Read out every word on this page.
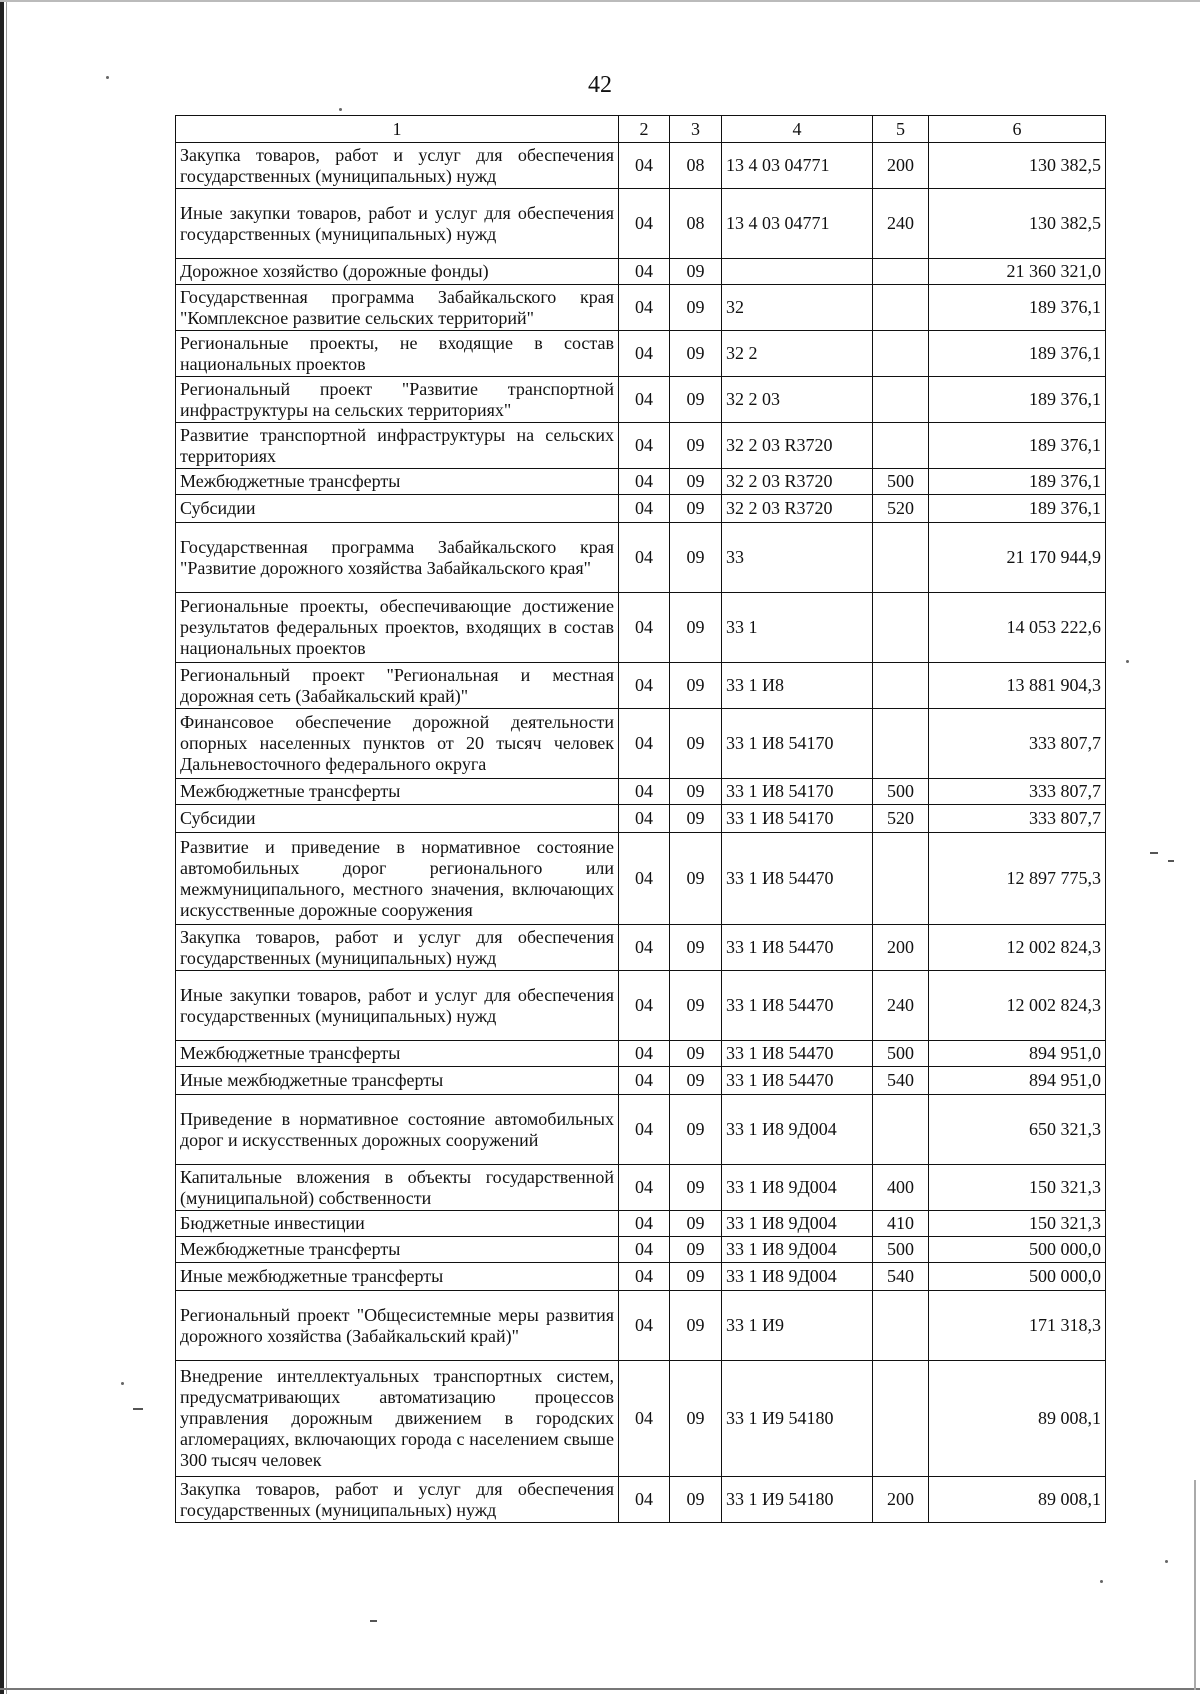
42
1	2	3	4	5	6
Закупка товаров, работ и услуг для обеспечения государственных (муниципальных) нужд	04	08	13 4 03 04771	200	130 382,5
Иные закупки товаров, работ и услуг для обеспечения государственных (муниципальных) нужд	04	08	13 4 03 04771	240	130 382,5
Дорожное хозяйство (дорожные фонды)	04	09			21 360 321,0
Государственная программа Забайкальского края "Комплексное развитие сельских территорий"	04	09	32		189 376,1
Региональные проекты, не входящие в состав национальных проектов	04	09	32 2		189 376,1
Региональный проект "Развитие транспортной инфраструктуры на сельских территориях"	04	09	32 2 03		189 376,1
Развитие транспортной инфраструктуры на сельских территориях	04	09	32 2 03 R3720		189 376,1
Межбюджетные трансферты	04	09	32 2 03 R3720	500	189 376,1
Субсидии	04	09	32 2 03 R3720	520	189 376,1
Государственная программа Забайкальского края "Развитие дорожного хозяйства Забайкальского края"	04	09	33		21 170 944,9
Региональные проекты, обеспечивающие достижение результатов федеральных проектов, входящих в состав национальных проектов	04	09	33 1		14 053 222,6
Региональный проект "Региональная и местная дорожная сеть (Забайкальский край)"	04	09	33 1 И8		13 881 904,3
Финансовое обеспечение дорожной деятельности опорных населенных пунктов от 20 тысяч человек Дальневосточного федерального округа	04	09	33 1 И8 54170		333 807,7
Межбюджетные трансферты	04	09	33 1 И8 54170	500	333 807,7
Субсидии	04	09	33 1 И8 54170	520	333 807,7
Развитие и приведение в нормативное состояние автомобильных дорог регионального или межмуниципального, местного значения, включающих искусственные дорожные сооружения	04	09	33 1 И8 54470		12 897 775,3
Закупка товаров, работ и услуг для обеспечения государственных (муниципальных) нужд	04	09	33 1 И8 54470	200	12 002 824,3
Иные закупки товаров, работ и услуг для обеспечения государственных (муниципальных) нужд	04	09	33 1 И8 54470	240	12 002 824,3
Межбюджетные трансферты	04	09	33 1 И8 54470	500	894 951,0
Иные межбюджетные трансферты	04	09	33 1 И8 54470	540	894 951,0
Приведение в нормативное состояние автомобильных дорог и искусственных дорожных сооружений	04	09	33 1 И8 9Д004		650 321,3
Капитальные вложения в объекты государственной (муниципальной) собственности	04	09	33 1 И8 9Д004	400	150 321,3
Бюджетные инвестиции	04	09	33 1 И8 9Д004	410	150 321,3
Межбюджетные трансферты	04	09	33 1 И8 9Д004	500	500 000,0
Иные межбюджетные трансферты	04	09	33 1 И8 9Д004	540	500 000,0
Региональный проект "Общесистемные меры развития дорожного хозяйства (Забайкальский край)"	04	09	33 1 И9		171 318,3
Внедрение интеллектуальных транспортных систем, предусматривающих автоматизацию процессов управления дорожным движением в городских агломерациях, включающих города с населением свыше 300 тысяч человек	04	09	33 1 И9 54180		89 008,1
Закупка товаров, работ и услуг для обеспечения государственных (муниципальных) нужд	04	09	33 1 И9 54180	200	89 008,1
